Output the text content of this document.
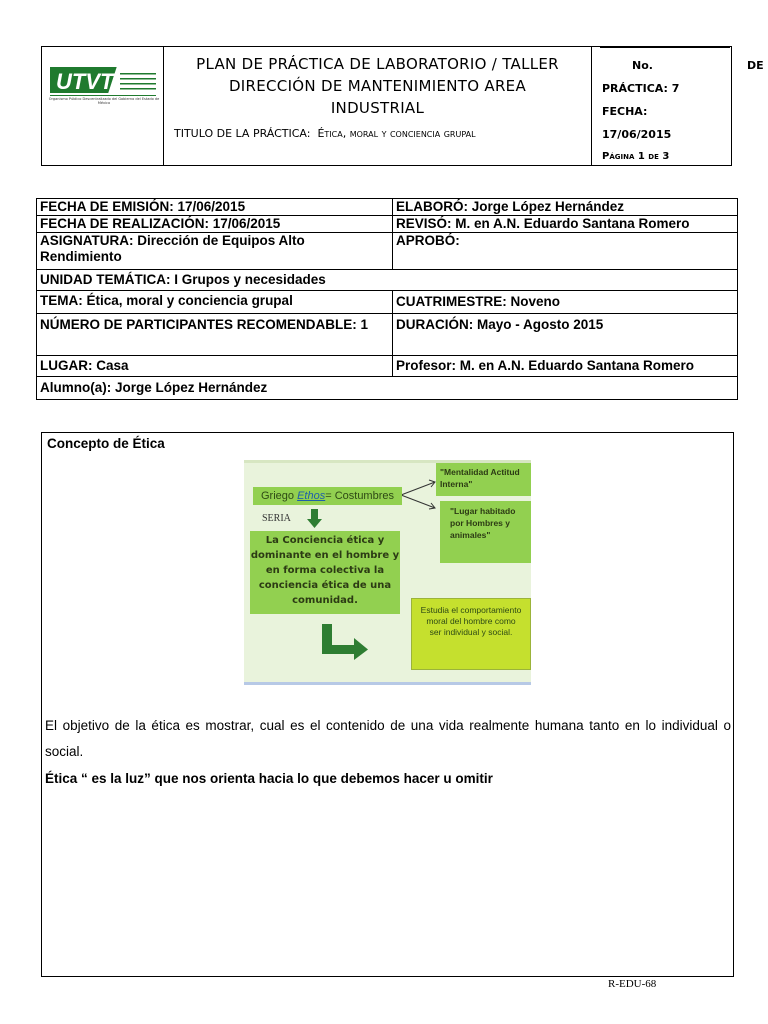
UTVT
Organismo Público Descentralizado del Gobierno del Estado de México
PLAN DE PRÁCTICA DE LABORATORIO / TALLER
DIRECCIÓN DE MANTENIMIENTO AREA
INDUSTRIAL
TITULO DE LA PRÁCTICA: Ética, moral y conciencia grupal
No.	DE
PRÁCTICA: 7
FECHA:
17/06/2015
Página 1 de 3
FECHA DE EMISIÓN: 17/06/2015	ELABORÓ: Jorge López Hernández
FECHA DE REALIZACIÓN: 17/06/2015	REVISÓ: M. en A.N. Eduardo Santana Romero
ASIGNATURA: Dirección de Equipos Alto Rendimiento	APROBÓ:
UNIDAD TEMÁTICA: I Grupos y necesidades	
TEMA: Ética, moral y conciencia grupal	CUATRIMESTRE: Noveno
NÚMERO DE PARTICIPANTES RECOMENDABLE: 1	DURACIÓN: Mayo - Agosto 2015
LUGAR: Casa	Profesor: M. en A.N. Eduardo Santana Romero
Alumno(a): Jorge López Hernández	
Concepto de Ética
Griego Ethos= Costumbres
SERIA
La Conciencia ética y dominante en el hombre y en forma colectiva la conciencia ética de una comunidad.
"Mentalidad Actitud Interna"
"Lugar habitado por Hombres y animales"
Estudia el comportamiento moral del hombre como ser individual y social.
El objetivo de la ética es mostrar, cual es el contenido de una vida realmente humana tanto en lo individual o social.
Ética “ es la luz” que nos orienta hacia lo que debemos hacer u omitir
R-EDU-68
